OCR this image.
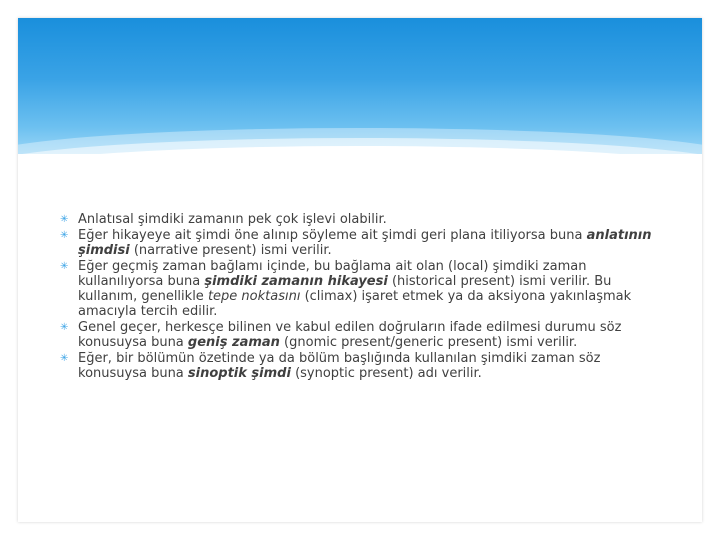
✳ Anlatısal şimdiki zamanın pek çok işlevi olabilir.
✳ Eğer hikayeye ait şimdi öne alınıp söyleme ait şimdi geri plana itiliyorsa buna anlatının şimdisi (narrative present) ismi verilir.
✳ Eğer geçmiş zaman bağlamı içinde, bu bağlama ait olan (local) şimdiki zaman kullanılıyorsa buna şimdiki zamanın hikayesi (historical present) ismi verilir. Bu kullanım, genellikle tepe noktasını (climax) işaret etmek ya da aksiyona yakınlaşmak amacıyla tercih edilir.
✳ Genel geçer, herkesçe bilinen ve kabul edilen doğruların ifade edilmesi durumu söz konusuysa buna geniş zaman (gnomic present/generic present) ismi verilir.
✳ Eğer, bir bölümün özetinde ya da bölüm başlığında kullanılan şimdiki zaman söz konusuysa buna sinoptik şimdi (synoptic present) adı verilir.
